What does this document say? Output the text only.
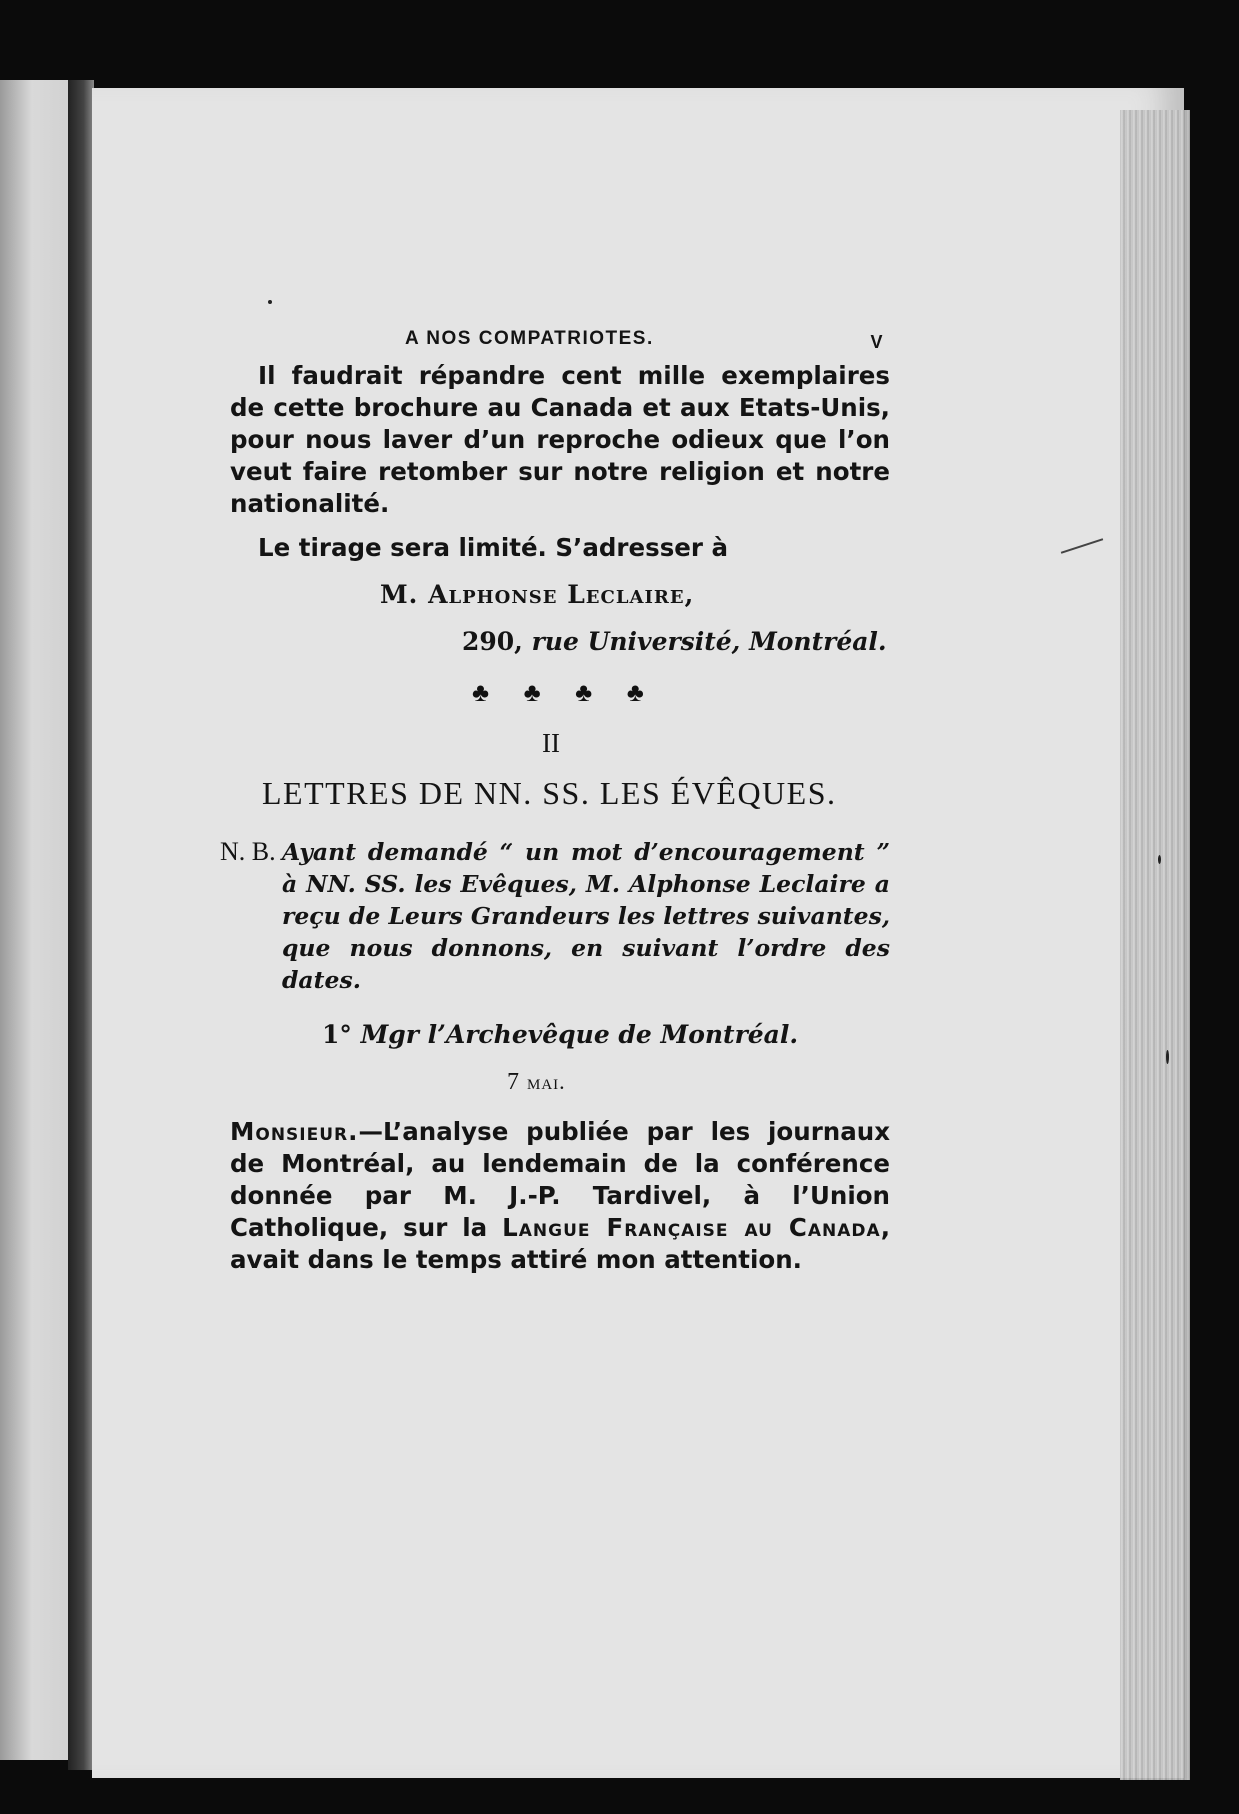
A NOS COMPATRIOTES.	V

Il faudrait répandre cent mille exemplaires
de cette brochure au Canada et aux Etats-Unis,
pour nous laver d’un reproche odieux que l’on
veut faire retomber sur notre religion et notre
nationalité.

Le tirage sera limité. S’adresser à

M. Alphonse Leclaire,
290, rue Université, Montréal.
♣ ♣ ♣ ♣
II
LETTRES DE NN. SS. LES ÉVÊQUES.
N. B. Ayant demandé “ un mot d’encouragement ” à NN. SS. les Evêques, M. Alphonse Leclaire a reçu de Leurs Grandeurs les lettres suivantes, que nous donnons, en suivant l’ordre des dates.
1° Mgr l’Archevêque de Montréal.
7 mai.

Monsieur.—L’analyse publiée par les journaux de Montréal, au lendemain de la conférence donnée par M. J.-P. Tardivel, à l’Union Catholique, sur la Langue Française au Canada, avait dans le temps attiré mon attention.
